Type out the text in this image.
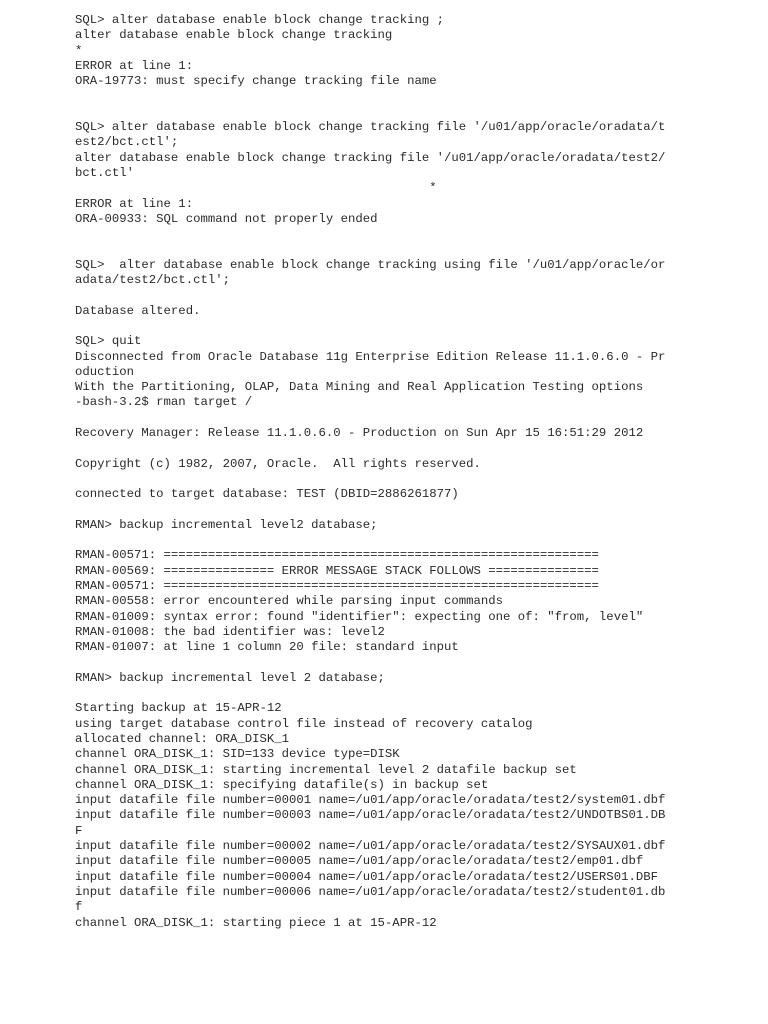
SQL> alter database enable block change tracking ;
alter database enable block change tracking
*
ERROR at line 1:
ORA-19773: must specify change tracking file name
SQL> alter database enable block change tracking file '/u01/app/oracle/oradata/t
est2/bct.ctl';
alter database enable block change tracking file '/u01/app/oracle/oradata/test2/
bct.ctl'
*
ERROR at line 1:
ORA-00933: SQL command not properly ended
SQL>  alter database enable block change tracking using file '/u01/app/oracle/or
adata/test2/bct.ctl';
Database altered.
SQL> quit
Disconnected from Oracle Database 11g Enterprise Edition Release 11.1.0.6.0 - Pr
oduction
With the Partitioning, OLAP, Data Mining and Real Application Testing options
-bash-3.2$ rman target /
Recovery Manager: Release 11.1.0.6.0 - Production on Sun Apr 15 16:51:29 2012
Copyright (c) 1982, 2007, Oracle.  All rights reserved.
connected to target database: TEST (DBID=2886261877)
RMAN> backup incremental level2 database;
RMAN-00571: ===========================================================
RMAN-00569: =============== ERROR MESSAGE STACK FOLLOWS ===============
RMAN-00571: ===========================================================
RMAN-00558: error encountered while parsing input commands
RMAN-01009: syntax error: found "identifier": expecting one of: "from, level"
RMAN-01008: the bad identifier was: level2
RMAN-01007: at line 1 column 20 file: standard input
RMAN> backup incremental level 2 database;
Starting backup at 15-APR-12
using target database control file instead of recovery catalog
allocated channel: ORA_DISK_1
channel ORA_DISK_1: SID=133 device type=DISK
channel ORA_DISK_1: starting incremental level 2 datafile backup set
channel ORA_DISK_1: specifying datafile(s) in backup set
input datafile file number=00001 name=/u01/app/oracle/oradata/test2/system01.dbf
input datafile file number=00003 name=/u01/app/oracle/oradata/test2/UNDOTBS01.DB
F
input datafile file number=00002 name=/u01/app/oracle/oradata/test2/SYSAUX01.dbf
input datafile file number=00005 name=/u01/app/oracle/oradata/test2/emp01.dbf
input datafile file number=00004 name=/u01/app/oracle/oradata/test2/USERS01.DBF
input datafile file number=00006 name=/u01/app/oracle/oradata/test2/student01.db
f
channel ORA_DISK_1: starting piece 1 at 15-APR-12
